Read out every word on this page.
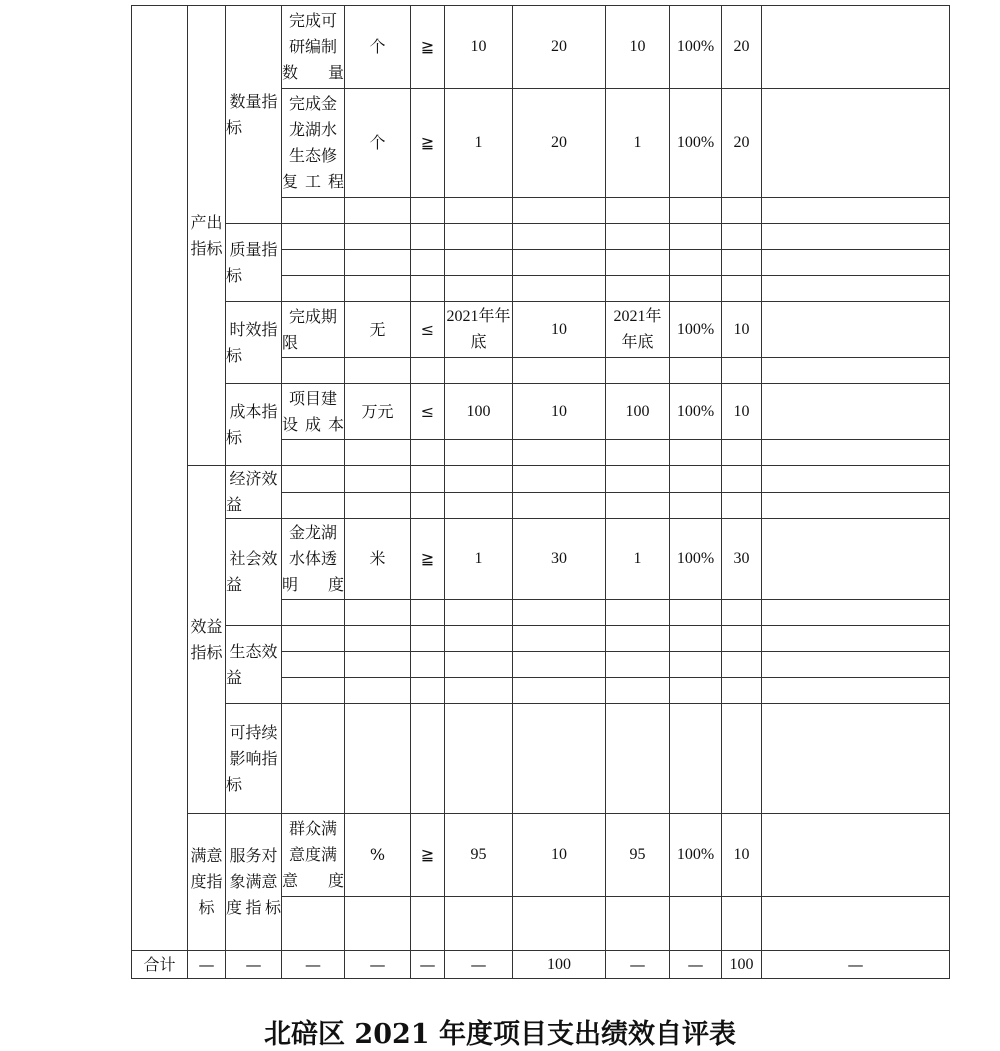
	产出指标	数量指标	完成可研编制数量	个	≧	10	20	10	100%	20	
			完成金龙湖水生态修复工程	个	≧	1	20	1	100%	20	

		质量指标									

		时效指标	完成期限	无	≤	2021年年底	10	2021年年底	100%	10	

		成本指标	项目建设成本	万元	≤	100	10	100	100%	10	

	效益指标	经济效益									

		社会效益	金龙湖水体透明度	米	≧	1	30	1	100%	30	

		生态效益									

		可持续影响指标									
	满意度指标	服务对象满意度指标	群众满意度满意度	%	≧	95	10	95	100%	10	

合计	—	—	—	—	—	—	100	—	—	100	—
北碚区 2021 年度项目支出绩效自评表
